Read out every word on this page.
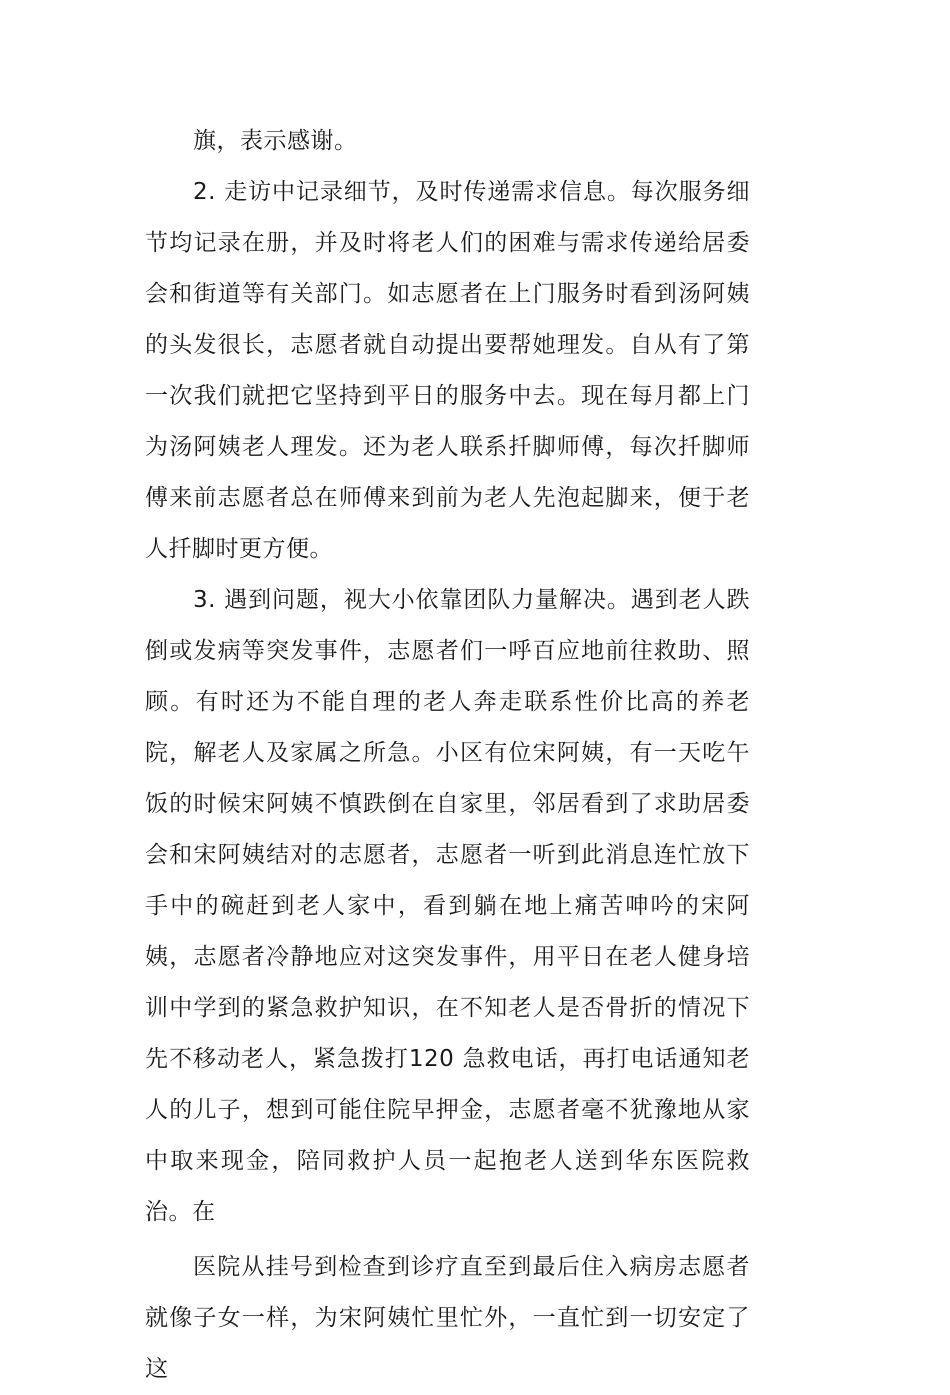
旗，表示感谢。

2. 走访中记录细节，及时传递需求信息。每次服务细节均记录在册，并及时将老人们的困难与需求传递给居委会和街道等有关部门。如志愿者在上门服务时看到汤阿姨的头发很长，志愿者就自动提出要帮她理发。自从有了第一次我们就把它坚持到平日的服务中去。现在每月都上门为汤阿姨老人理发。还为老人联系扦脚师傅，每次扦脚师傅来前志愿者总在师傅来到前为老人先泡起脚来，便于老人扦脚时更方便。

3. 遇到问题，视大小依靠团队力量解决。遇到老人跌倒或发病等突发事件，志愿者们一呼百应地前往救助、照顾。有时还为不能自理的老人奔走联系性价比高的养老院，解老人及家属之所急。小区有位宋阿姨，有一天吃午饭的时候宋阿姨不慎跌倒在自家里，邻居看到了求助居委会和宋阿姨结对的志愿者，志愿者一听到此消息连忙放下手中的碗赶到老人家中，看到躺在地上痛苦呻吟的宋阿姨，志愿者冷静地应对这突发事件，用平日在老人健身培训中学到的紧急救护知识，在不知老人是否骨折的情况下先不移动老人，紧急拨打120 急救电话，再打电话通知老人的儿子，想到可能住院早押金，志愿者毫不犹豫地从家中取来现金，陪同救护人员一起抱老人送到华东医院救治。在

医院从挂号到检查到诊疗直至到最后住入病房志愿者就像子女一样，为宋阿姨忙里忙外，一直忙到一切安定了这
